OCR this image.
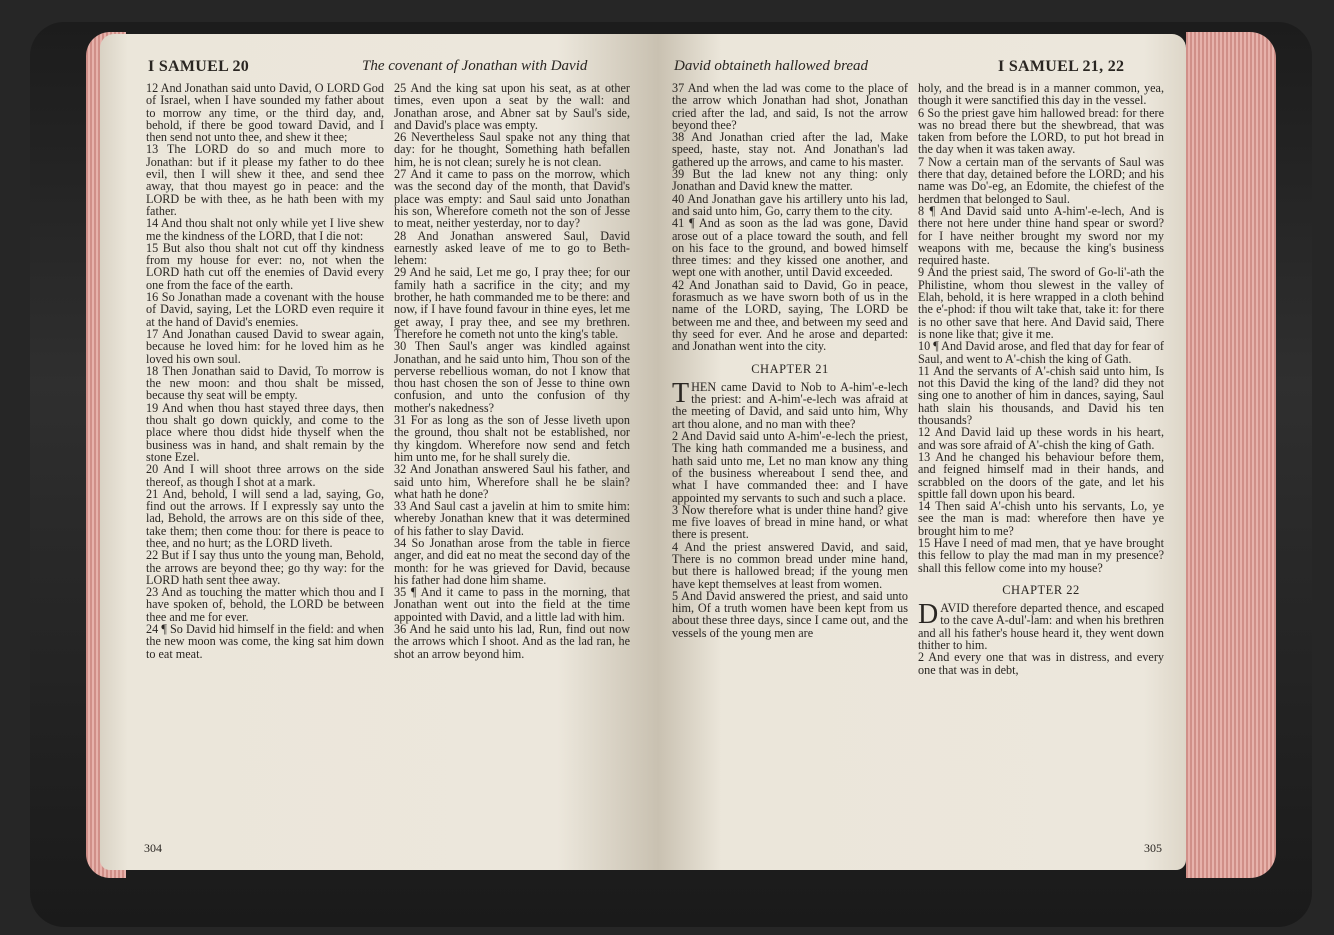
I SAMUEL 20	The covenant of Jonathan with David

12 And Jonathan said unto David, O LORD God of Israel, when I have sounded my father about to morrow any time, or the third day, and, behold, if there be good toward David, and I then send not unto thee, and shew it thee;

13 The LORD do so and much more to Jonathan: but if it please my father to do thee evil, then I will shew it thee, and send thee away, that thou mayest go in peace: and the LORD be with thee, as he hath been with my father.

14 And thou shalt not only while yet I live shew me the kindness of the LORD, that I die not:

15 But also thou shalt not cut off thy kindness from my house for ever: no, not when the LORD hath cut off the enemies of David every one from the face of the earth.

16 So Jonathan made a covenant with the house of David, saying, Let the LORD even require it at the hand of David's enemies.

17 And Jonathan caused David to swear again, because he loved him: for he loved him as he loved his own soul.

18 Then Jonathan said to David, To morrow is the new moon: and thou shalt be missed, because thy seat will be empty.

19 And when thou hast stayed three days, then thou shalt go down quickly, and come to the place where thou didst hide thyself when the business was in hand, and shalt remain by the stone Ezel.

20 And I will shoot three arrows on the side thereof, as though I shot at a mark.

21 And, behold, I will send a lad, saying, Go, find out the arrows. If I expressly say unto the lad, Behold, the arrows are on this side of thee, take them; then come thou: for there is peace to thee, and no hurt; as the LORD liveth.

22 But if I say thus unto the young man, Behold, the arrows are beyond thee; go thy way: for the LORD hath sent thee away.

23 And as touching the matter which thou and I have spoken of, behold, the LORD be between thee and me for ever.

24 ¶ So David hid himself in the field: and when the new moon was come, the king sat him down to eat meat.

25 And the king sat upon his seat, as at other times, even upon a seat by the wall: and Jonathan arose, and Abner sat by Saul's side, and David's place was empty.

26 Nevertheless Saul spake not any thing that day: for he thought, Something hath befallen him, he is not clean; surely he is not clean.

27 And it came to pass on the morrow, which was the second day of the month, that David's place was empty: and Saul said unto Jonathan his son, Wherefore cometh not the son of Jesse to meat, neither yesterday, nor to day?

28 And Jonathan answered Saul, David earnestly asked leave of me to go to Beth-lehem:

29 And he said, Let me go, I pray thee; for our family hath a sacrifice in the city; and my brother, he hath commanded me to be there: and now, if I have found favour in thine eyes, let me get away, I pray thee, and see my brethren. Therefore he cometh not unto the king's table.

30 Then Saul's anger was kindled against Jonathan, and he said unto him, Thou son of the perverse rebellious woman, do not I know that thou hast chosen the son of Jesse to thine own confusion, and unto the confusion of thy mother's nakedness?

31 For as long as the son of Jesse liveth upon the ground, thou shalt not be established, nor thy kingdom. Wherefore now send and fetch him unto me, for he shall surely die.

32 And Jonathan answered Saul his father, and said unto him, Wherefore shall he be slain? what hath he done?

33 And Saul cast a javelin at him to smite him: whereby Jonathan knew that it was determined of his father to slay David.

34 So Jonathan arose from the table in fierce anger, and did eat no meat the second day of the month: for he was grieved for David, because his father had done him shame.

35 ¶ And it came to pass in the morning, that Jonathan went out into the field at the time appointed with David, and a little lad with him.

36 And he said unto his lad, Run, find out now the arrows which I shoot. And as the lad ran, he shot an arrow beyond him.

304
David obtaineth hallowed bread	I SAMUEL 21, 22

37 And when the lad was come to the place of the arrow which Jonathan had shot, Jonathan cried after the lad, and said, Is not the arrow beyond thee?

38 And Jonathan cried after the lad, Make speed, haste, stay not. And Jonathan's lad gathered up the arrows, and came to his master.

39 But the lad knew not any thing: only Jonathan and David knew the matter.

40 And Jonathan gave his artillery unto his lad, and said unto him, Go, carry them to the city.

41 ¶ And as soon as the lad was gone, David arose out of a place toward the south, and fell on his face to the ground, and bowed himself three times: and they kissed one another, and wept one with another, until David exceeded.

42 And Jonathan said to David, Go in peace, forasmuch as we have sworn both of us in the name of the LORD, saying, The LORD be between me and thee, and between my seed and thy seed for ever. And he arose and departed: and Jonathan went into the city.

CHAPTER 21

THEN came David to Nob to A-him'-e-lech the priest: and A-him'-e-lech was afraid at the meeting of David, and said unto him, Why art thou alone, and no man with thee?

2 And David said unto A-him'-e-lech the priest, The king hath commanded me a business, and hath said unto me, Let no man know any thing of the business whereabout I send thee, and what I have commanded thee: and I have appointed my servants to such and such a place.

3 Now therefore what is under thine hand? give me five loaves of bread in mine hand, or what there is present.

4 And the priest answered David, and said, There is no common bread under mine hand, but there is hallowed bread; if the young men have kept themselves at least from women.

5 And David answered the priest, and said unto him, Of a truth women have been kept from us about these three days, since I came out, and the vessels of the young men are

holy, and the bread is in a manner common, yea, though it were sanctified this day in the vessel.

6 So the priest gave him hallowed bread: for there was no bread there but the shewbread, that was taken from before the LORD, to put hot bread in the day when it was taken away.

7 Now a certain man of the servants of Saul was there that day, detained before the LORD; and his name was Do'-eg, an Edomite, the chiefest of the herdmen that belonged to Saul.

8 ¶ And David said unto A-him'-e-lech, And is there not here under thine hand spear or sword? for I have neither brought my sword nor my weapons with me, because the king's business required haste.

9 And the priest said, The sword of Go-li'-ath the Philistine, whom thou slewest in the valley of Elah, behold, it is here wrapped in a cloth behind the e'-phod: if thou wilt take that, take it: for there is no other save that here. And David said, There is none like that; give it me.

10 ¶ And David arose, and fled that day for fear of Saul, and went to A'-chish the king of Gath.

11 And the servants of A'-chish said unto him, Is not this David the king of the land? did they not sing one to another of him in dances, saying, Saul hath slain his thousands, and David his ten thousands?

12 And David laid up these words in his heart, and was sore afraid of A'-chish the king of Gath.

13 And he changed his behaviour before them, and feigned himself mad in their hands, and scrabbled on the doors of the gate, and let his spittle fall down upon his beard.

14 Then said A'-chish unto his servants, Lo, ye see the man is mad: wherefore then have ye brought him to me?

15 Have I need of mad men, that ye have brought this fellow to play the mad man in my presence? shall this fellow come into my house?

CHAPTER 22

DAVID therefore departed thence, and escaped to the cave A-dul'-lam: and when his brethren and all his father's house heard it, they went down thither to him.

2 And every one that was in distress, and every one that was in debt,

305
